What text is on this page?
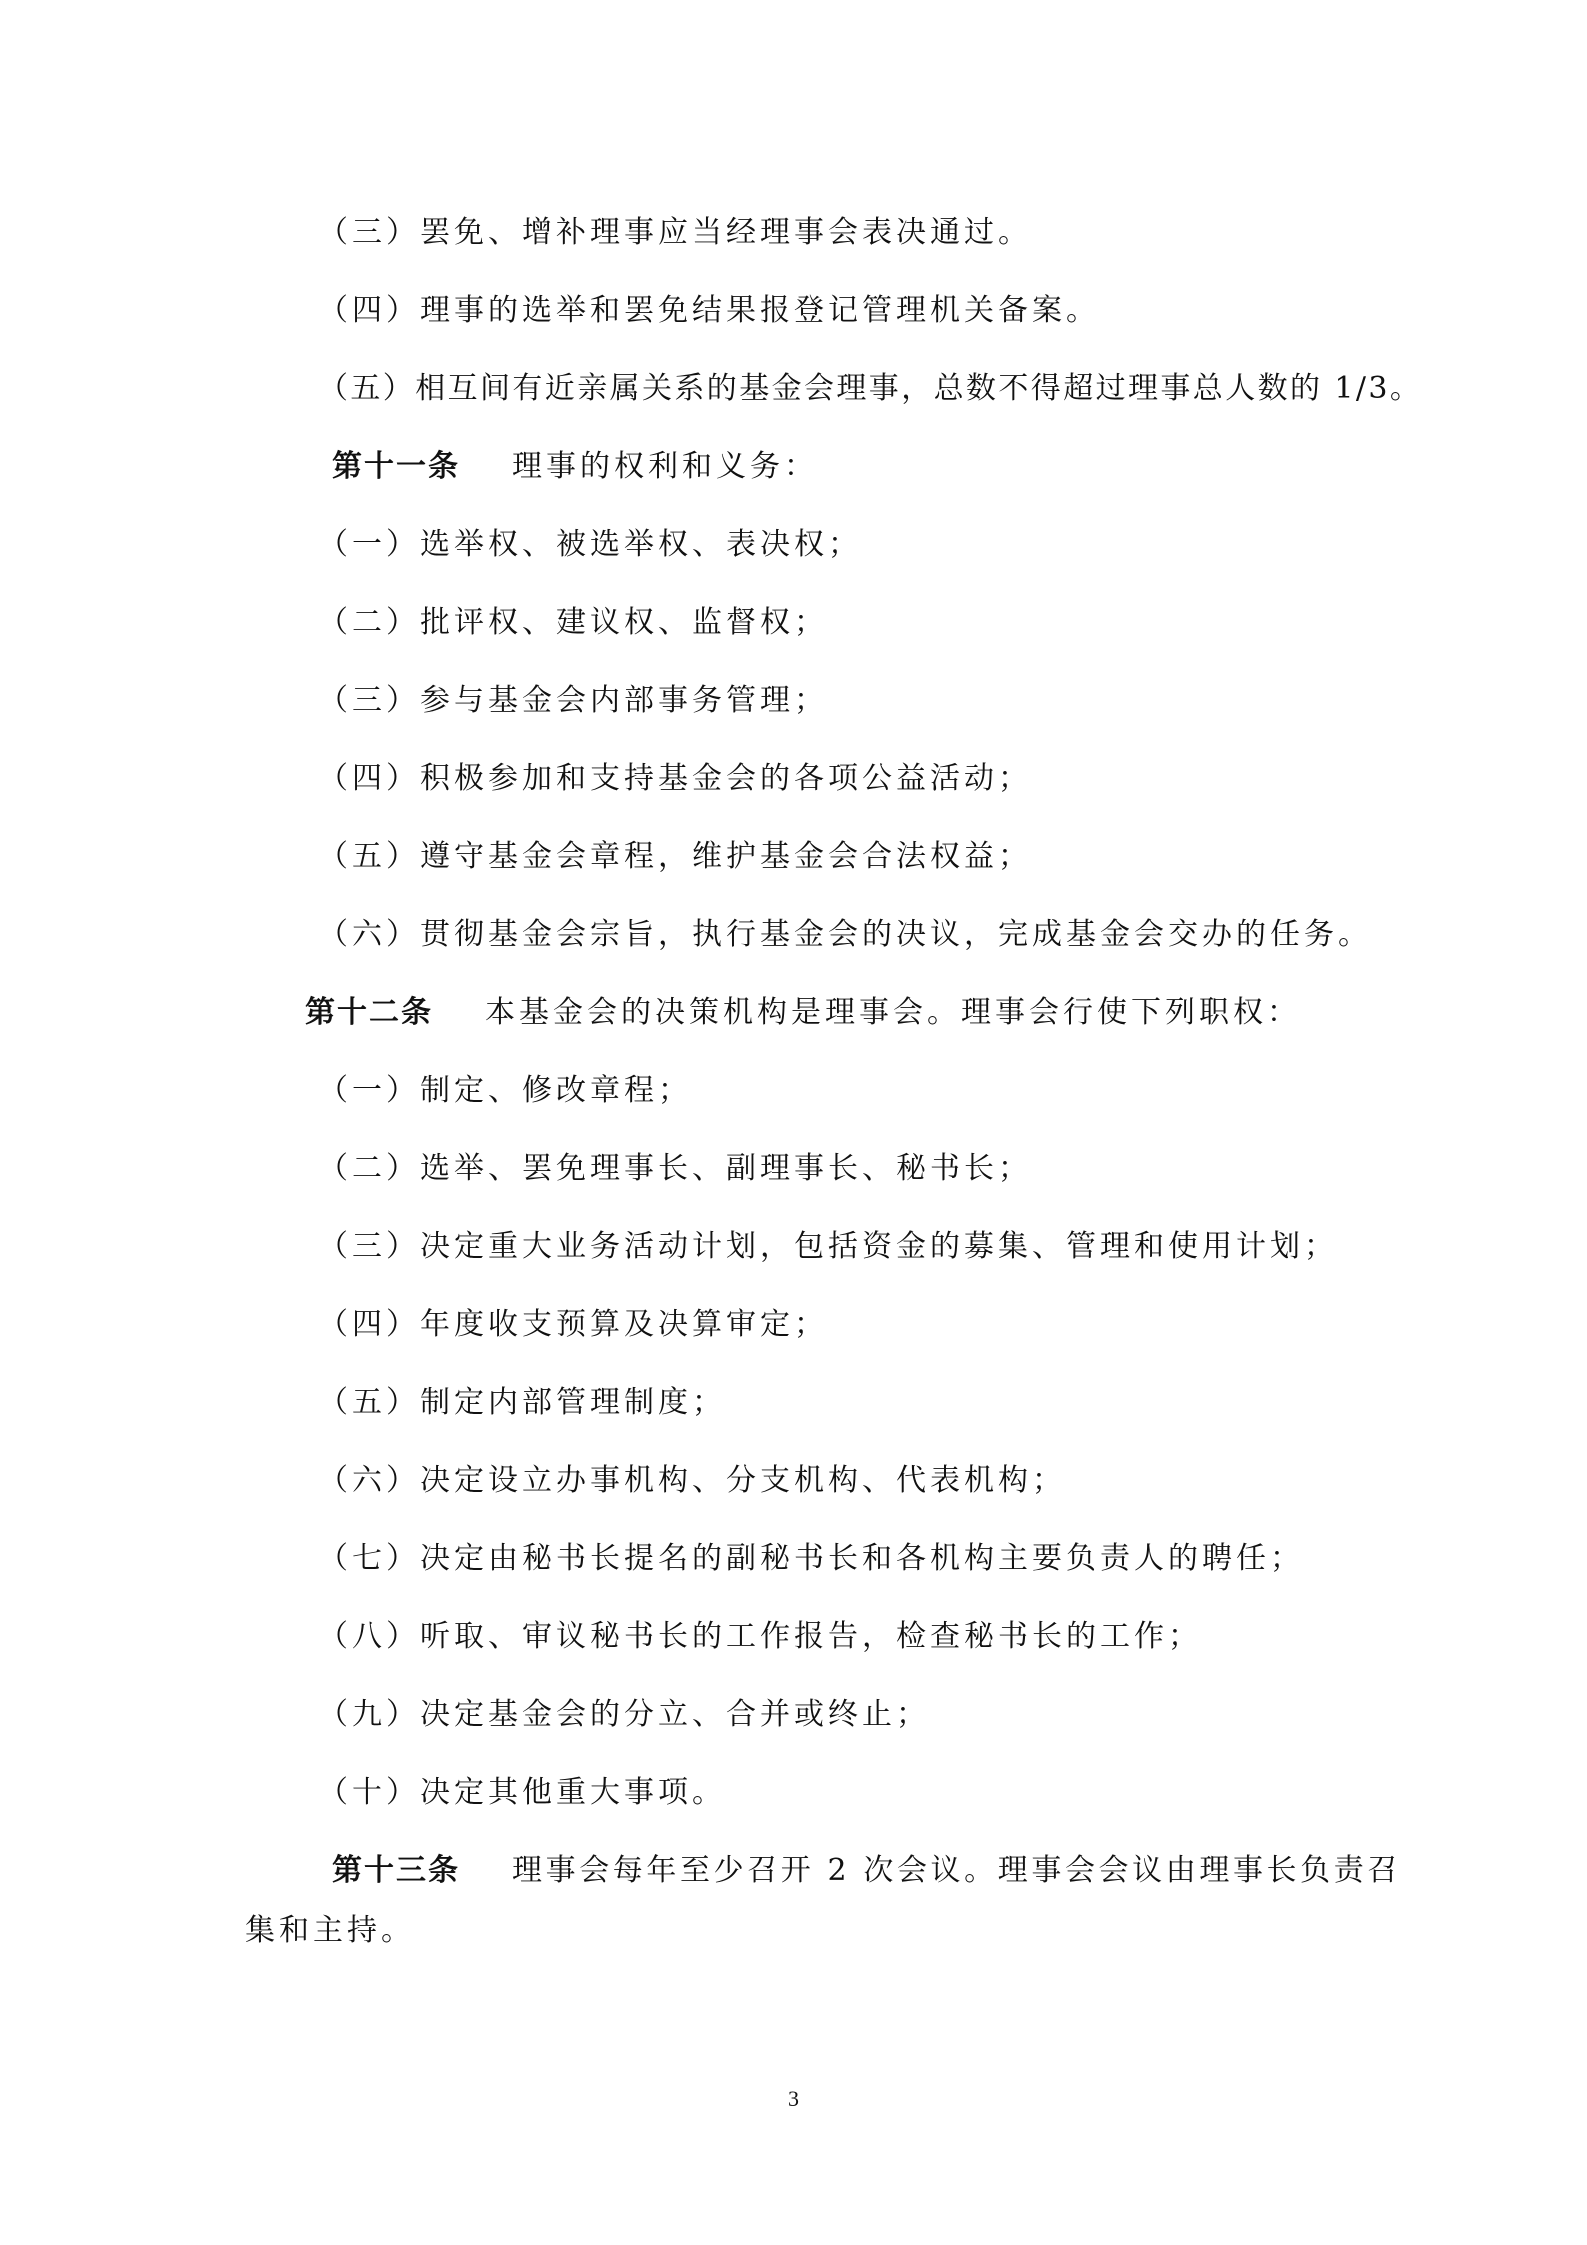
（三）罢免、增补理事应当经理事会表决通过。
（四）理事的选举和罢免结果报登记管理机关备案。
（五）相互间有近亲属关系的基金会理事，总数不得超过理事总人数的 1/3。
第十一条 理事的权利和义务：
（一）选举权、被选举权、表决权；
（二）批评权、建议权、监督权；
（三）参与基金会内部事务管理；
（四）积极参加和支持基金会的各项公益活动；
（五）遵守基金会章程，维护基金会合法权益；
（六）贯彻基金会宗旨，执行基金会的决议，完成基金会交办的任务。
第十二条 本基金会的决策机构是理事会。理事会行使下列职权：
（一）制定、修改章程；
（二）选举、罢免理事长、副理事长、秘书长；
（三）决定重大业务活动计划，包括资金的募集、管理和使用计划；
（四）年度收支预算及决算审定；
（五）制定内部管理制度；
（六）决定设立办事机构、分支机构、代表机构；
（七）决定由秘书长提名的副秘书长和各机构主要负责人的聘任；
（八）听取、审议秘书长的工作报告，检查秘书长的工作；
（九）决定基金会的分立、合并或终止；
（十）决定其他重大事项。
第十三条 理事会每年至少召开 2 次会议。理事会会议由理事长负责召
集和主持。
3
